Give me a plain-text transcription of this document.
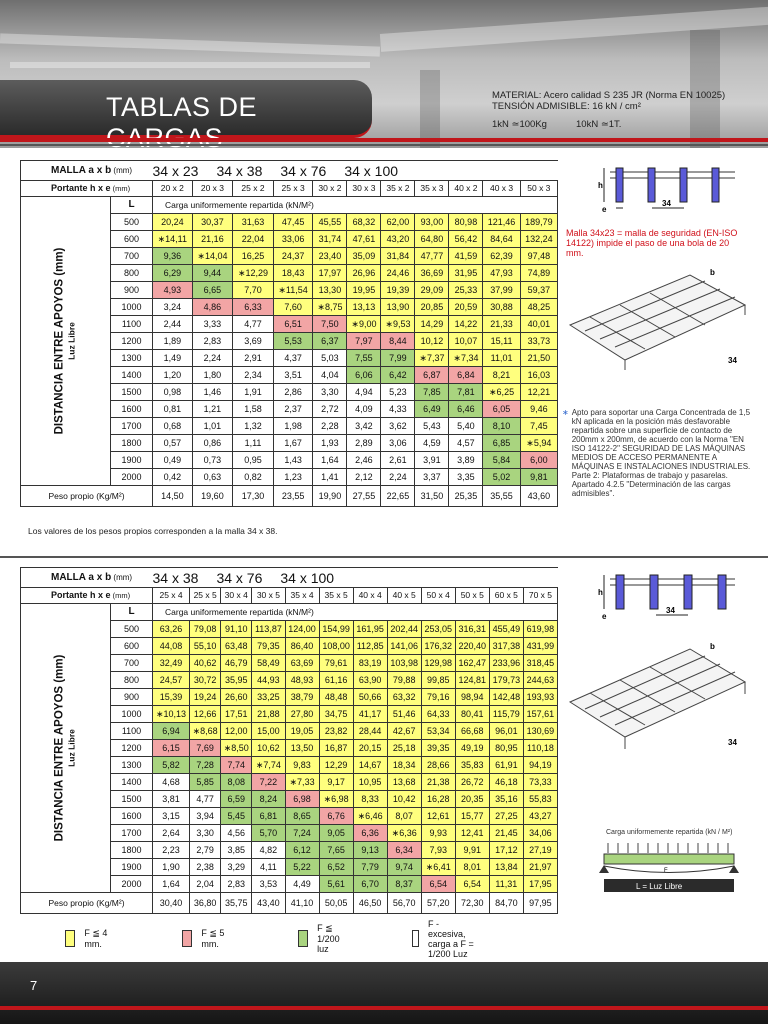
TABLAS DE	MATERIAL: Acero calidad S 235 JR (Norma EN 10025)
TENSIÓN ADMISIBLE: 16 kN / cm²
1kN ≃100Kg	10kN ≃1T.
MALLA a x b (mm)		34 x 23 34 x 38 34 x 76 34 x 100										
Portante h x e (mm)		20 x 2	20 x 3	25 x 2	25 x 3	30 x 2	30 x 3	35 x 2	35 x 3	40 x 2	40 x 3	50 x 3

DISTANCIA ENTRE APOYOS (mm) Luz Libre	L	Carga uniformemente repartida (kN/M²)										
	500	20,24	30,37	31,63	47,45	45,55	68,32	62,00	93,00	80,98	121,46	189,79
	600	∗14,11	21,16	22,04	33,06	31,74	47,61	43,20	64,80	56,42	84,64	132,24
	700	9,36	∗14,04	16,25	24,37	23,40	35,09	31,84	47,77	41,59	62,39	97,48
	800	6,29	9,44	∗12,29	18,43	17,97	26,96	24,46	36,69	31,95	47,93	74,89
	900	4,93	6,65	7,70	∗11,54	13,30	19,95	19,39	29,09	25,33	37,99	59,37
	1000	3,24	4,86	6,33	7,60	∗8,75	13,13	13,90	20,85	20,59	30,88	48,25
	1100	2,44	3,33	4,77	6,51	7,50	∗9,00	∗9,53	14,29	14,22	21,33	40,01
	1200	1,89	2,83	3,69	5,53	6,37	7,97	8,44	10,12	10,07	15,11	33,73
	1300	1,49	2,24	2,91	4,37	5,03	7,55	7,99	∗7,37	∗7,34	11,01	21,50
	1400	1,20	1,80	2,34	3,51	4,04	6,06	6,42	6,87	6,84	8,21	16,03
	1500	0,98	1,46	1,91	2,86	3,30	4,94	5,23	7,85	7,81	∗6,25	12,21
	1600	0,81	1,21	1,58	2,37	2,72	4,09	4,33	6,49	6,46	6,05	9,46
	1700	0,68	1,01	1,32	1,98	2,28	3,42	3,62	5,43	5,40	8,10	7,45
	1800	0,57	0,86	1,11	1,67	1,93	2,89	3,06	4,59	4,57	6,85	∗5,94
	1900	0,49	0,73	0,95	1,43	1,64	2,46	2,61	3,91	3,89	5,84	6,00
	2000	0,42	0,63	0,82	1,23	1,41	2,12	2,24	3,37	3,35	5,02	9,81
Peso propio (Kg/M²)		14,50	19,60	17,30	23,55	19,90	27,55	22,65	31,50	25,35	35,55	43,60
Los valores de los pesos propios corresponden a la malla 34 x 38.
h
e
34
Malla 34x23 = malla de seguridad (EN-ISO 14122) impide el paso de una bola de 20 mm.
b
34
∗ Apto para soportar una Carga Concentrada de 1,5 kN aplicada en la posición más desfavorable repartida sobre una superficie de contacto de 200mm x 200mm, de acuerdo con la Norma "EN ISO 14122-2" SEGURIDAD DE LAS MÁQUINAS MEDIOS DE ACCESO PERMANENTE A MÁQUINAS E INSTALACIONES INDUSTRIALES. Parte 2: Plataformas de trabajo y pasarelas. Apartado 4.2.5 "Determinación de las cargas admisibles".
MALLA a x b (mm)		34 x 38 34 x 76 34 x 100											
Portante h x e (mm)		25 x 4	25 x 5	30 x 4	30 x 5	35 x 4	35 x 5	40 x 4	40 x 5	50 x 4	50 x 5	60 x 5	70 x 5

DISTANCIA ENTRE APOYOS (mm) Luz Libre	L	Carga uniformemente repartida (kN/M²)											
	500	63,26	79,08	91,10	113,87	124,00	154,99	161,95	202,44	253,05	316,31	455,49	619,98
	600	44,08	55,10	63,48	79,35	86,40	108,00	112,85	141,06	176,32	220,40	317,38	431,99
	700	32,49	40,62	46,79	58,49	63,69	79,61	83,19	103,98	129,98	162,47	233,96	318,45
	800	24,57	30,72	35,95	44,93	48,93	61,16	63,90	79,88	99,85	124,81	179,73	244,63
	900	15,39	19,24	26,60	33,25	38,79	48,48	50,66	63,32	79,16	98,94	142,48	193,93
	1000	∗10,13	12,66	17,51	21,88	27,80	34,75	41,17	51,46	64,33	80,41	115,79	157,61
	1100	6,94	∗8,68	12,00	15,00	19,05	23,82	28,44	42,67	53,34	66,68	96,01	130,69
	1200	6,15	7,69	∗8,50	10,62	13,50	16,87	20,15	25,18	39,35	49,19	80,95	110,18
	1300	5,82	7,28	7,74	∗7,74	9,83	12,29	14,67	18,34	28,66	35,83	61,91	94,19
	1400	4,68	5,85	8,08	7,22	∗7,33	9,17	10,95	13,68	21,38	26,72	46,18	73,33
	1500	3,81	4,77	6,59	8,24	6,98	∗6,98	8,33	10,42	16,28	20,35	35,16	55,83
	1600	3,15	3,94	5,45	6,81	8,65	6,76	∗6,46	8,07	12,61	15,77	27,25	43,27
	1700	2,64	3,30	4,56	5,70	7,24	9,05	6,36	∗6,36	9,93	12,41	21,45	34,06
	1800	2,23	2,79	3,85	4,82	6,12	7,65	9,13	6,34	7,93	9,91	17,12	27,19
	1900	1,90	2,38	3,29	4,11	5,22	6,52	7,79	9,74	∗6,41	8,01	13,84	21,97
	2000	1,64	2,04	2,83	3,53	4,49	5,61	6,70	8,37	6,54	6,54	11,31	17,95
Peso propio (Kg/M²)		30,40	36,80	35,75	43,40	41,10	50,05	46,50	56,70	57,20	72,30	84,70	97,95
h
e
34
b
34
Carga uniformemente repartida (kN / M²)
F
L = Luz Libre
F ≦ 4 mm.
F ≦ 5 mm.
F ≦ 1/200 luz
F - excesiva, carga a F = 1/200 Luz
7
